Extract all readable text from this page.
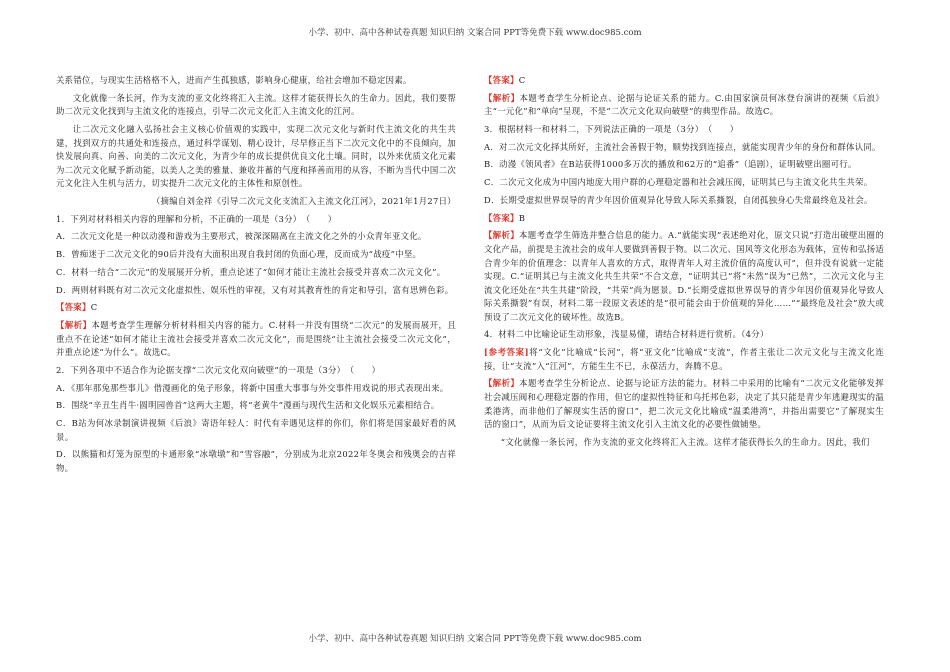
小学、初中、高中各种试卷真题 知识归纳 文案合同 PPT等免费下载 www.doc985.com

关系错位，与现实生活格格不入，进而产生孤独感，影响身心健康，给社会增加不稳定因素。

文化就像一条长河，作为支流的亚文化终将汇入主流。这样才能获得长久的生命力。因此，我们要帮助二次元文化找到与主流文化的连接点，引导二次元文化汇入主流文化的江河。

让二次元文化融入弘扬社会主义核心价值观的实践中，实现二次元文化与新时代主流文化的共生共建，找到双方的共通处和连接点，通过科学谋划、精心设计，尽早修正当下二次元文化中的不良倾向，加快发展向真、向善、向美的二次元文化，为青少年的成长提供优良文化土壤。同时，以外来优质文化元素为二次元文化赋予新动能，以美人之美的雅量、兼收并蓄的气度和择善而用的从容，不断为当代中国二次元文化注入生机与活力，切实提升二次元文化的主体性和原创性。

（摘编自刘金祥《引导二次元文化支流汇入主流文化江河》，2021年1月27日）

1．下列对材料相关内容的理解和分析，不正确的一项是（3分）　（　　）

A．二次元文化是一种以动漫和游戏为主要形式，被深深隔离在主流文化之外的小众青年亚文化。

B．曾痴迷于二次元文化的90后并没有大面积出现自我封闭的负面心理，反而成为“战疫”中坚。

C．材料一结合“二次元”的发展展开分析，重点论述了“如何才能让主流社会接受并喜欢二次元文化”。

D．两则材料既有对二次元文化虚拟性、娱乐性的审视，又有对其教育性的肯定和导引，富有思辨色彩。

【答案】C

【解析】本题考查学生理解分析材料相关内容的能力。C.材料一并没有围绕“二次元”的发展而展开，且重点不在论述“如何才能让主流社会接受并喜欢二次元文化”，而是围绕“让主流社会接受二次元文化”，并重点论述“为什么”。故选C。

2．下列各项中不适合作为论据支撑“二次元文化双向破壁”的一项是（3分）　（　　）

A．《那年那兔那些事儿》借漫画化的兔子形象，将新中国重大事事与外交事件用戏说的形式表现出来。

B．围绕“辛丑生肖牛·圆明园兽首”这两大主题，将“老黄牛”漫画与现代生活和文化娱乐元素相结合。

C．B站为何冰录制演讲视频《后浪》寄语年轻人：时代有幸遇见这样的你们，你们将是国家最好看的风景。

D．以熊猫和灯笼为原型的卡通形象“冰墩墩”和“雪容融”，分别成为北京2022年冬奥会和残奥会的吉祥物。

【答案】C

【解析】本题考查学生分析论点、论据与论证关系的能力。C.由国家演员何冰登台演讲的视频《后浪》主“一元化”和“单向”呈现，不是“二次元文化双向破壁”的典型作品。故选C。

3．根据材料一和材料二，下列说法正确的一项是（3分）　（　　）

A．对二次元文化择其所好，主流社会善假于物，顺势找到连接点，就能实现青少年的身份和群体认同。

B．动漫《领风者》在B站获得1000多万次的播放和62万的“追番”（追剧），证明破壁出圈可行。

C．二次元文化成为中国内地庞大用户群的心理稳定器和社会减压阀，证明其已与主流文化共生共荣。

D．长期受虚拟世界误导的青少年因价值观异化导致人际关系撕裂，自闭孤独身心失常最终危及社会。

【答案】B

【解析】本题考查学生筛选并整合信息的能力。A.“就能实现”表述绝对化，原文只说“打造出破壁出圈的文化产品，前提是主流社会的成年人要做到善假于物。以二次元、国风等文化形态为载体，宣传和弘扬适合青少年的价值理念：以青年人喜欢的方式，取得青年人对主流价值的高度认可”，但并没有说就一定能实现。C.“证明其已与主流文化共生共荣”不合文意，“证明其已”将“未然”误为“已然”，二次元文化与主流文化还处在“共生共建”阶段，“共荣”尚为愿景。D.“长期受虚拟世界误导的青少年因价值观异化导致人际关系撕裂”有误，材料二第一段原文表述的是“很可能会由于价值观的异化……”“最终危及社会”放大或预设了二次元文化的破坏性。故选B。

4．材料二中比喻论证生动形象，浅显易懂，请结合材料进行赏析。（4分）

[参考答案]将“文化”比喻成“长河”，将“亚文化”比喻成“支流”，作者主张让二次元文化与主流文化连接，让“支流”入“江河”，方能生生不已，永葆活力，奔腾不息。

【解析】本题考查学生分析论点、论据与论证方法的能力。材料二中采用的比喻有“二次元文化能够发挥社会减压阀和心理稳定器的作用，但它的虚拟性特征和乌托邦色彩，决定了其只能是青少年逃避现实的温柔港湾，而非他们了解现实生活的窗口”，把二次元文化比喻成“温柔港湾”，并指出需要它“了解现实生活的窗口”，从而为后文论证要将主流文化引入主流文化的必要性做铺垫。

“文化就像一条长河，作为支流的亚文化终将汇入主流。这样才能获得长久的生命力。因此，我们

小学、初中、高中各种试卷真题 知识归纳 文案合同 PPT等免费下载 www.doc985.com
